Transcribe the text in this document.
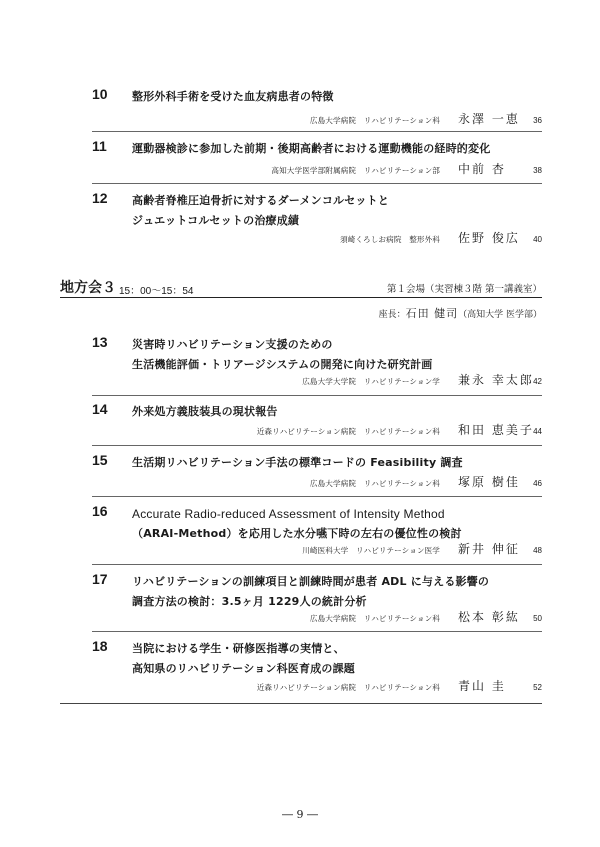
10	整形外科手術を受けた血友病患者の特徴
広島大学病院　リハビリテーション科 永澤 一恵	36
11	運動器検診に参加した前期・後期高齢者における運動機能の経時的変化
高知大学医学部附属病院　リハビリテーション部 中前 杏	38
12	高齢者脊椎圧迫骨折に対するダーメンコルセットと
ジュエットコルセットの治療成績
須崎くろしお病院　整形外科 佐野 俊広	40
地方会３ 15：00～15：54	第１会場（実習棟３階 第一講義室）
座長：石田 健司（高知大学 医学部）
13	災害時リハビリテーション支援のための
生活機能評価・トリアージシステムの開発に向けた研究計画
広島大学大学院　リハビリテーション学 兼永 幸太郎 42
14	外来処方義肢装具の現状報告
近森リハビリテーション病院　リハビリテーション科 和田 恵美子 44
15	生活期リハビリテーション手法の標準コードの Feasibility 調査
広島大学病院　リハビリテーション科 塚原 樹佳	46
16	Accurate Radio-reduced Assessment of Intensity Method
（ARAI-Method）を応用した水分嚥下時の左右の優位性の検討
川崎医科大学　リハビリテーション医学 新井 伸征	48
17	リハビリテーションの訓練項目と訓練時間が患者 ADL に与える影響の
調査方法の検討：3.5ヶ月 1229人の統計分析
広島大学病院　リハビリテーション科 松本 彰紘	50
18	当院における学生・研修医指導の実情と、
高知県のリハビリテーション科医育成の課題
近森リハビリテーション病院　リハビリテーション科 青山 圭	52
― 9 ―
